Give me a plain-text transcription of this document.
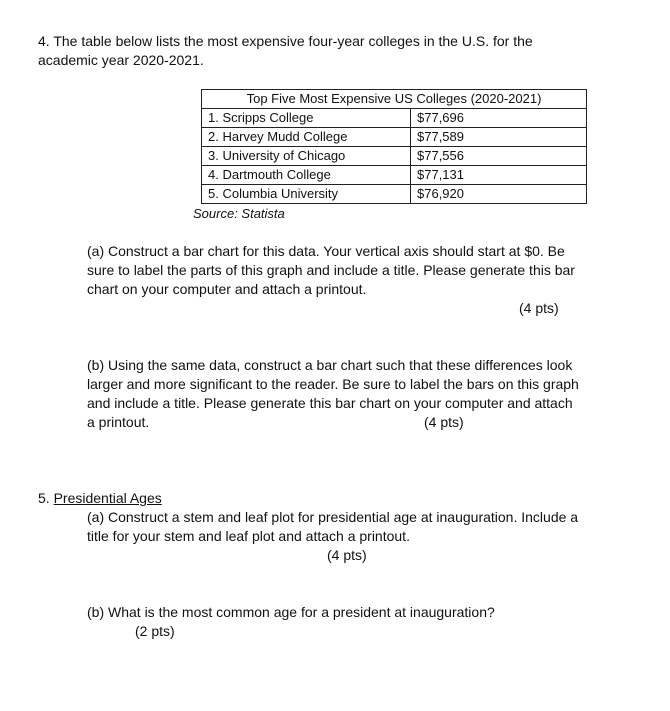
4. The table below lists the most expensive four-year colleges in the U.S. for the
academic year 2020-2021.
Top Five Most Expensive US Colleges (2020-2021)	
1. Scripps College	$77,696
2. Harvey Mudd College	$77,589
3. University of Chicago	$77,556
4. Dartmouth College	$77,131
5. Columbia University	$76,920
Source: Statista
(a) Construct a bar chart for this data. Your vertical axis should start at $0. Be
sure to label the parts of this graph and include a title. Please generate this bar
chart on your computer and attach a printout.
(4 pts)
(b) Using the same data, construct a bar chart such that these differences look
larger and more significant to the reader. Be sure to label the bars on this graph
and include a title. Please generate this bar chart on your computer and attach
a printout.	(4 pts)
5. Presidential Ages
(a) Construct a stem and leaf plot for presidential age at inauguration. Include a
title for your stem and leaf plot and attach a printout.
(4 pts)
(b) What is the most common age for a president at inauguration?
(2 pts)
